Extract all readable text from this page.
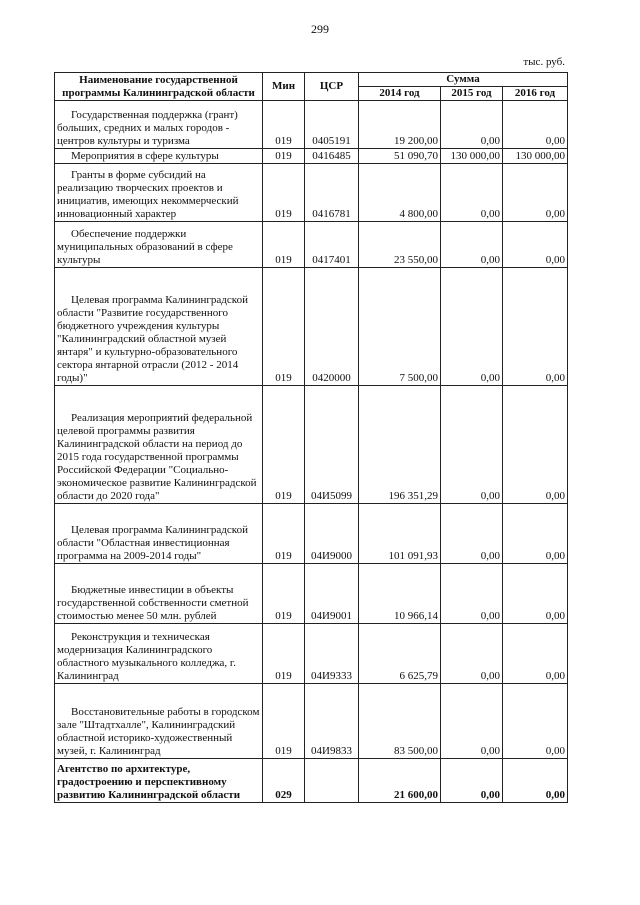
299
тыс. руб.
Наименование государственной программы Калининградской области	Мин	ЦСР	Сумма		
			2014 год	2015 год	2016 год
Государственная поддержка (грант) больших, средних и малых городов - центров культуры и туризма	019	0405191	19 200,00	0,00	0,00
Мероприятия в сфере культуры	019	0416485	51 090,70	130 000,00	130 000,00
Гранты в форме субсидий на реализацию творческих проектов и инициатив, имеющих некоммерческий инновационный характер	019	0416781	4 800,00	0,00	0,00
Обеспечение поддержки муниципальных образований в сфере культуры	019	0417401	23 550,00	0,00	0,00
Целевая программа Калининградской области "Развитие государственного бюджетного учреждения культуры "Калининградский областной музей янтаря" и культурно-образовательного сектора янтарной отрасли (2012 - 2014 годы)"	019	0420000	7 500,00	0,00	0,00
Реализация мероприятий федеральной целевой программы развития Калининградской области на период до 2015 года государственной программы Российской Федерации "Социально-экономическое развитие Калининградской области до 2020 года"	019	04И5099	196 351,29	0,00	0,00
Целевая программа Калининградской области "Областная инвестиционная программа на 2009-2014 годы"	019	04И9000	101 091,93	0,00	0,00
Бюджетные инвестиции в объекты государственной собственности сметной стоимостью менее 50 млн. рублей	019	04И9001	10 966,14	0,00	0,00
Реконструкция и техническая модернизация Калининградского областного музыкального колледжа, г. Калининград	019	04И9333	6 625,79	0,00	0,00
Восстановительные работы в городском зале "Штадтхалле", Калининградский областной историко-художественный музей, г. Калининград	019	04И9833	83 500,00	0,00	0,00
Агентство по архитектуре, градостроению и перспективному развитию Калининградской области	029		21 600,00	0,00	0,00
